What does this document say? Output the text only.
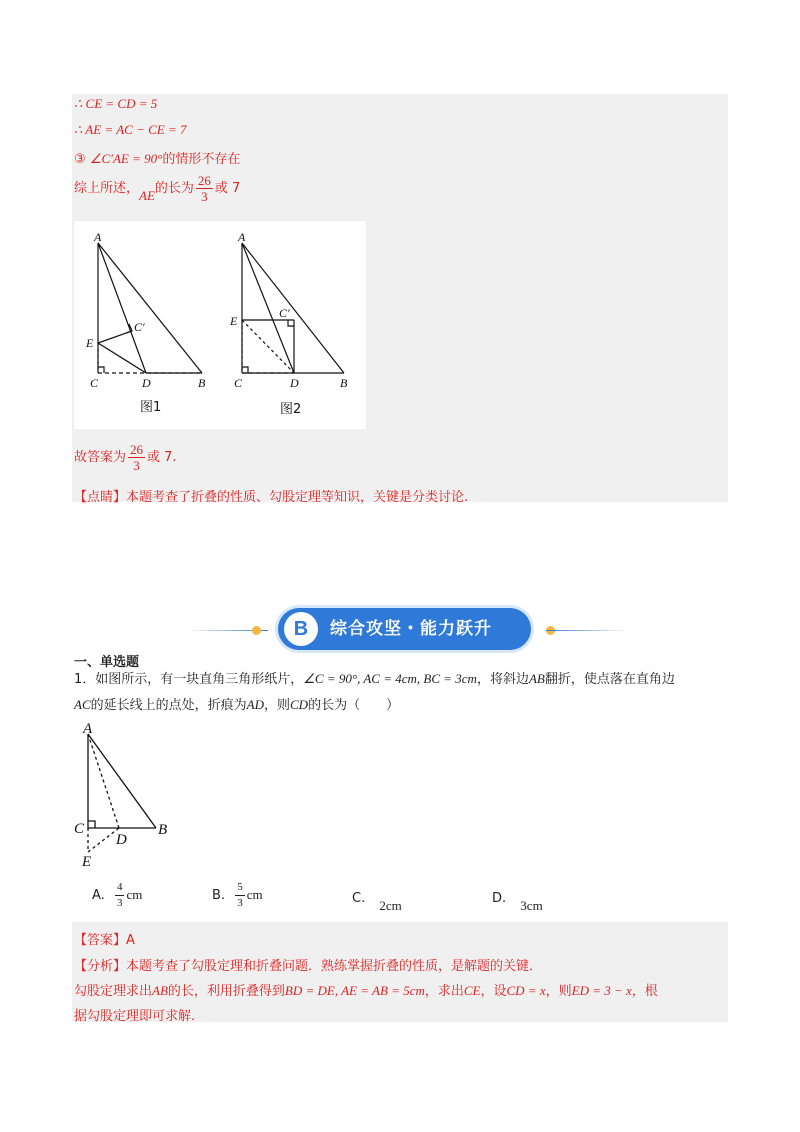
∴ CE = CD = 5
∴ AE = AC − CE = 7
③ ∠C′AE = 90°的情形不存在
综上所述，AE的长为 $\frac{26}{3}$ 或 7
A
E
C	D	B
C′
A
E
C	D	B
C′
图1	图2
故答案为 $\frac{26}{3}$ 或 7.
【点睛】本题考查了折叠的性质、勾股定理等知识，关键是分类讨论.
B	综合攻坚・能力跃升
一、单选题
1．如图所示，有一块直角三角形纸片，∠C = 90°, AC = 4cm, BC = 3cm，将斜边AB翻折，使点落在直角边
AC的延长线上的点处，折痕为AD，则CD的长为（　　）
A
C
D
B
E
A. $\frac{4}{3}$ cm	B. $\frac{5}{3}$ cm	C. 2cm	D. 3cm
【答案】A
【分析】本题考查了勾股定理和折叠问题．熟练掌握折叠的性质，是解题的关键．
勾股定理求出AB的长，利用折叠得到BD = DE, AE = AB = 5cm，求出CE，设CD = x，则ED = 3 − x，根
据勾股定理即可求解.
